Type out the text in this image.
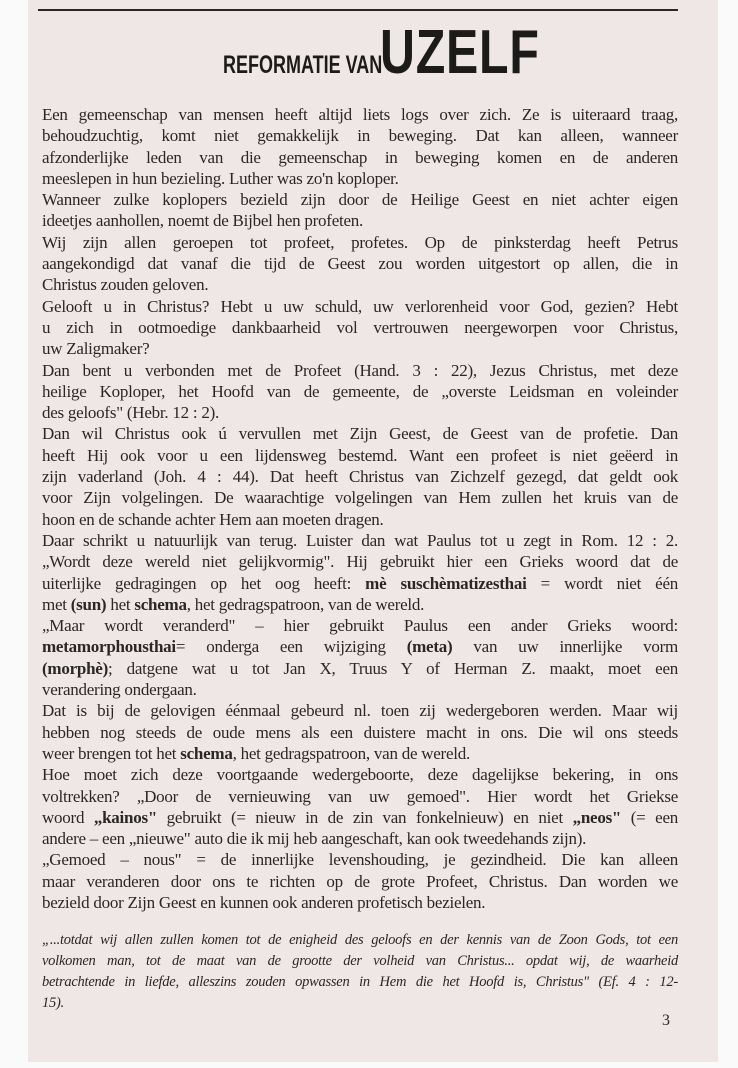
REFORMATIE VAN UZELF
Een gemeenschap van mensen heeft altijd liets logs over zich. Ze is uiteraard traag,
behoudzuchtig, komt niet gemakkelijk in beweging. Dat kan alleen, wanneer
afzonderlijke leden van die gemeenschap in beweging komen en de anderen
meeslepen in hun bezieling. Luther was zo'n koploper.
Wanneer zulke koplopers bezield zijn door de Heilige Geest en niet achter eigen
ideetjes aanhollen, noemt de Bijbel hen profeten.
Wij zijn allen geroepen tot profeet, profetes. Op de pinksterdag heeft Petrus
aangekondigd dat vanaf die tijd de Geest zou worden uitgestort op allen, die in
Christus zouden geloven.
Gelooft u in Christus? Hebt u uw schuld, uw verlorenheid voor God, gezien? Hebt
u zich in ootmoedige dankbaarheid vol vertrouwen neergeworpen voor Christus,
uw Zaligmaker?
Dan bent u verbonden met de Profeet (Hand. 3 : 22), Jezus Christus, met deze
heilige Koploper, het Hoofd van de gemeente, de „overste Leidsman en voleinder
des geloofs" (Hebr. 12 : 2).
Dan wil Christus ook ú vervullen met Zijn Geest, de Geest van de profetie. Dan
heeft Hij ook voor u een lijdensweg bestemd. Want een profeet is niet geëerd in
zijn vaderland (Joh. 4 : 44). Dat heeft Christus van Zichzelf gezegd, dat geldt ook
voor Zijn volgelingen. De waarachtige volgelingen van Hem zullen het kruis van de
hoon en de schande achter Hem aan moeten dragen.
Daar schrikt u natuurlijk van terug. Luister dan wat Paulus tot u zegt in Rom. 12 : 2.
„Wordt deze wereld niet gelijkvormig". Hij gebruikt hier een Grieks woord dat de
uiterlijke gedragingen op het oog heeft: mè suschèmatizesthai = wordt niet één
met (sun) het schema, het gedragspatroon, van de wereld.
„Maar wordt veranderd" – hier gebruikt Paulus een ander Grieks woord:
metamorphousthai= onderga een wijziging (meta) van uw innerlijke vorm
(morphè); datgene wat u tot Jan X, Truus Y of Herman Z. maakt, moet een
verandering ondergaan.
Dat is bij de gelovigen éénmaal gebeurd nl. toen zij wedergeboren werden. Maar wij
hebben nog steeds de oude mens als een duistere macht in ons. Die wil ons steeds
weer brengen tot het schema, het gedragspatroon, van de wereld.
Hoe moet zich deze voortgaande wedergeboorte, deze dagelijkse bekering, in ons
voltrekken? „Door de vernieuwing van uw gemoed". Hier wordt het Griekse
woord „kainos" gebruikt (= nieuw in de zin van fonkelnieuw) en niet „neos" (= een
andere – een „nieuwe" auto die ik mij heb aangeschaft, kan ook tweedehands zijn).
„Gemoed – nous" = de innerlijke levenshouding, je gezindheid. Die kan alleen
maar veranderen door ons te richten op de grote Profeet, Christus. Dan worden we
bezield door Zijn Geest en kunnen ook anderen profetisch bezielen.
„...totdat wij allen zullen komen tot de enigheid des geloofs en der kennis van de Zoon Gods, tot een
volkomen man, tot de maat van de grootte der volheid van Christus... opdat wij, de waarheid
betrachtende in liefde, alleszins zouden opwassen in Hem die het Hoofd is, Christus" (Ef. 4 : 12-
15).
3
